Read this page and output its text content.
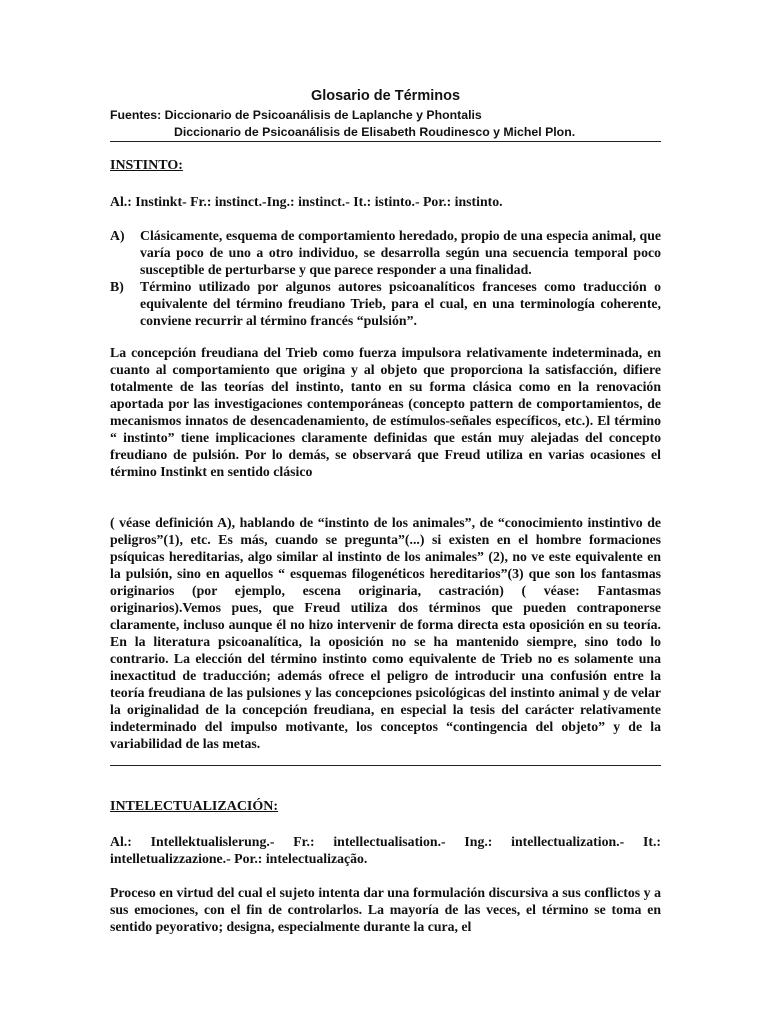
Glosario de Términos
Fuentes: Diccionario de Psicoanálisis de Laplanche y Phontalis
Diccionario de Psicoanálisis de Elisabeth Roudinesco y Michel Plon.
INSTINTO:

Al.: Instinkt- Fr.: instinct.-Ing.: instinct.- It.: istinto.- Por.: instinto.

A) Clásicamente, esquema de comportamiento heredado, propio de una especia animal, que varía poco de uno a otro individuo, se desarrolla según una secuencia temporal poco susceptible de perturbarse y que parece responder a una finalidad.
B) Término utilizado por algunos autores psicoanalíticos franceses como traducción o equivalente del término freudiano Trieb, para el cual, en una terminología coherente, conviene recurrir al término francés “pulsión”.

La concepción freudiana del Trieb como fuerza impulsora relativamente indeterminada, en cuanto al comportamiento que origina y al objeto que proporciona la satisfacción, difiere totalmente de las teorías del instinto, tanto en su forma clásica como en la renovación aportada por las investigaciones contemporáneas (concepto pattern de comportamientos, de mecanismos innatos de desencadenamiento, de estímulos-señales específicos, etc.). El término “ instinto” tiene implicaciones claramente definidas que están muy alejadas del concepto freudiano de pulsión. Por lo demás, se observará que Freud utiliza en varias ocasiones el término Instinkt en sentido clásico

( véase definición A), hablando de “instinto de los animales”, de “conocimiento instintivo de peligros”(1), etc. Es más, cuando se pregunta”(...) si existen en el hombre formaciones psíquicas hereditarias, algo similar al instinto de los animales” (2), no ve este equivalente en la pulsión, sino en aquellos “ esquemas filogenéticos hereditarios”(3) que son los fantasmas originarios (por ejemplo, escena originaria, castración) ( véase: Fantasmas originarios).Vemos pues, que Freud utiliza dos términos que pueden contraponerse claramente, incluso aunque él no hizo intervenir de forma directa esta oposición en su teoría. En la literatura psicoanalítica, la oposición no se ha mantenido siempre, sino todo lo contrario. La elección del término instinto como equivalente de Trieb no es solamente una inexactitud de traducción; además ofrece el peligro de introducir una confusión entre la teoría freudiana de las pulsiones y las concepciones psicológicas del instinto animal y de velar la originalidad de la concepción freudiana, en especial la tesis del carácter relativamente indeterminado del impulso motivante, los conceptos “contingencia del objeto” y de la variabilidad de las metas.

INTELECTUALIZACIÓN:

Al.: Intellektualislerung.- Fr.: intellectualisation.- Ing.: intellectualization.- It.: intelletualizzazione.- Por.: intelectualização.

Proceso en virtud del cual el sujeto intenta dar una formulación discursiva a sus conflictos y a sus emociones, con el fin de controlarlos. La mayoría de las veces, el término se toma en sentido peyorativo; designa, especialmente durante la cura, el
